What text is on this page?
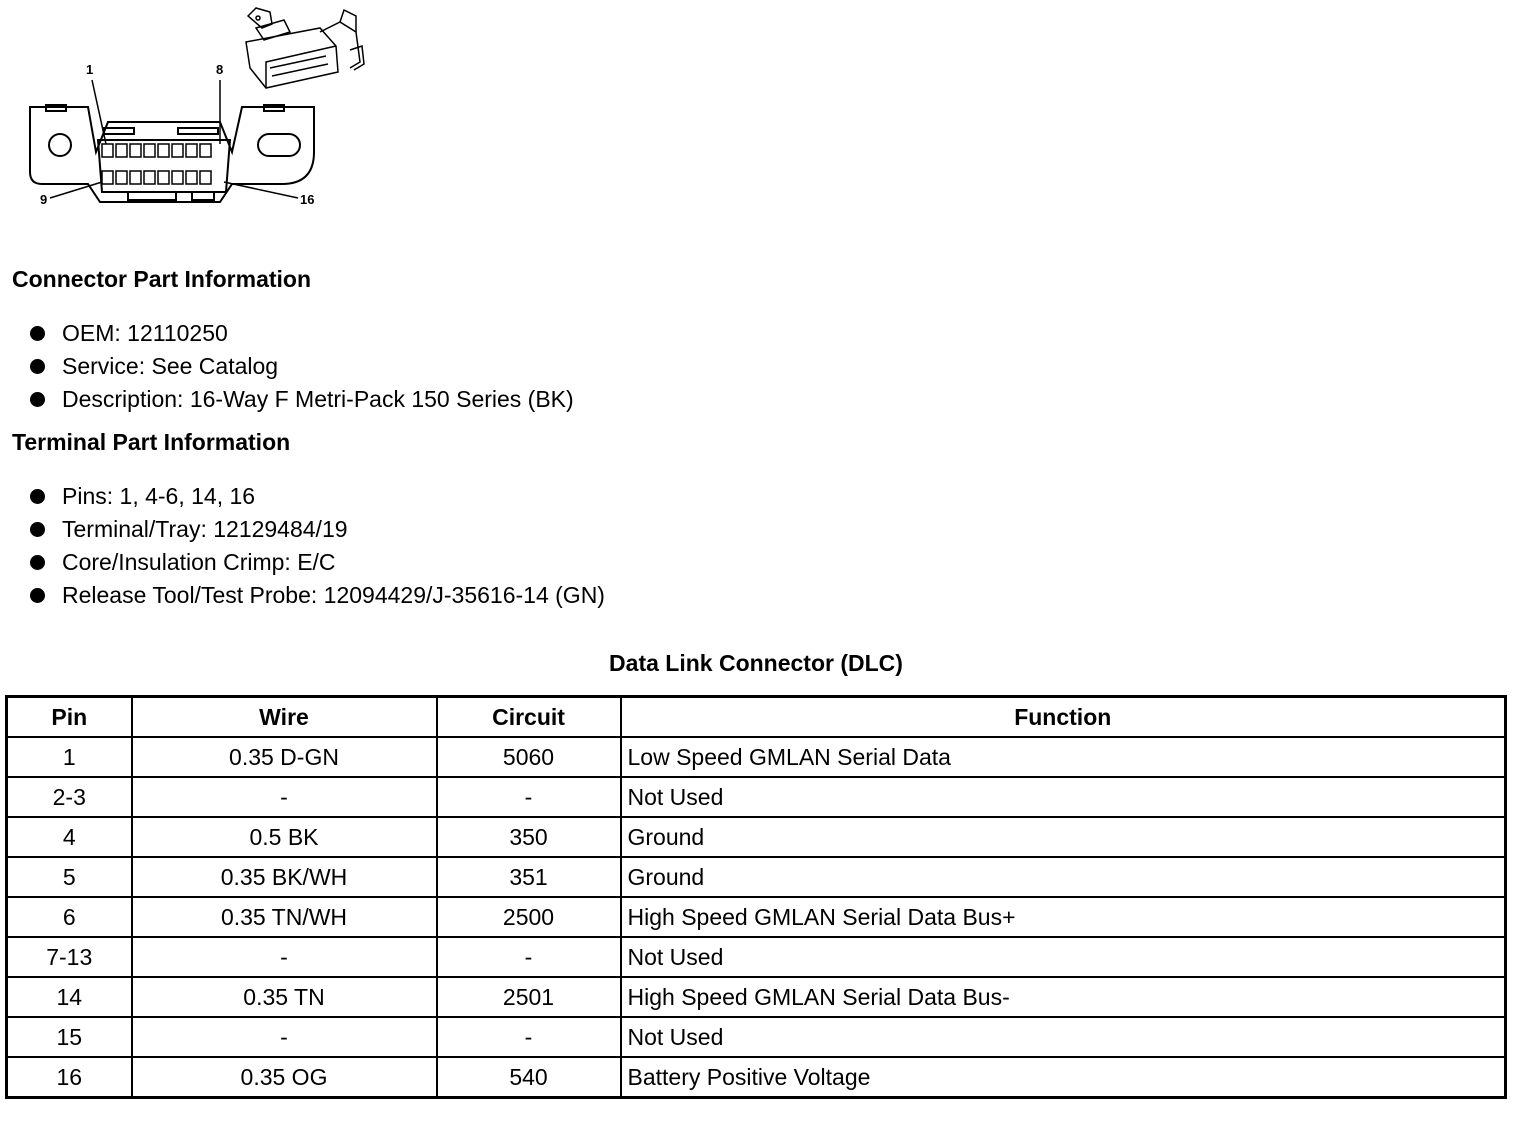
1	8
9	16
Connector Part Information
OEM: 12110250
Service: See Catalog
Description: 16-Way F Metri-Pack 150 Series (BK)
Terminal Part Information
Pins: 1, 4-6, 14, 16
Terminal/Tray: 12129484/19
Core/Insulation Crimp: E/C
Release Tool/Test Probe: 12094429/J-35616-14 (GN)
Data Link Connector (DLC)
Pin	Wire	Circuit	Function
1	0.35 D-GN	5060	Low Speed GMLAN Serial Data
2-3	-	-	Not Used
4	0.5 BK	350	Ground
5	0.35 BK/WH	351	Ground
6	0.35 TN/WH	2500	High Speed GMLAN Serial Data Bus+
7-13	-	-	Not Used
14	0.35 TN	2501	High Speed GMLAN Serial Data Bus-
15	-	-	Not Used
16	0.35 OG	540	Battery Positive Voltage
